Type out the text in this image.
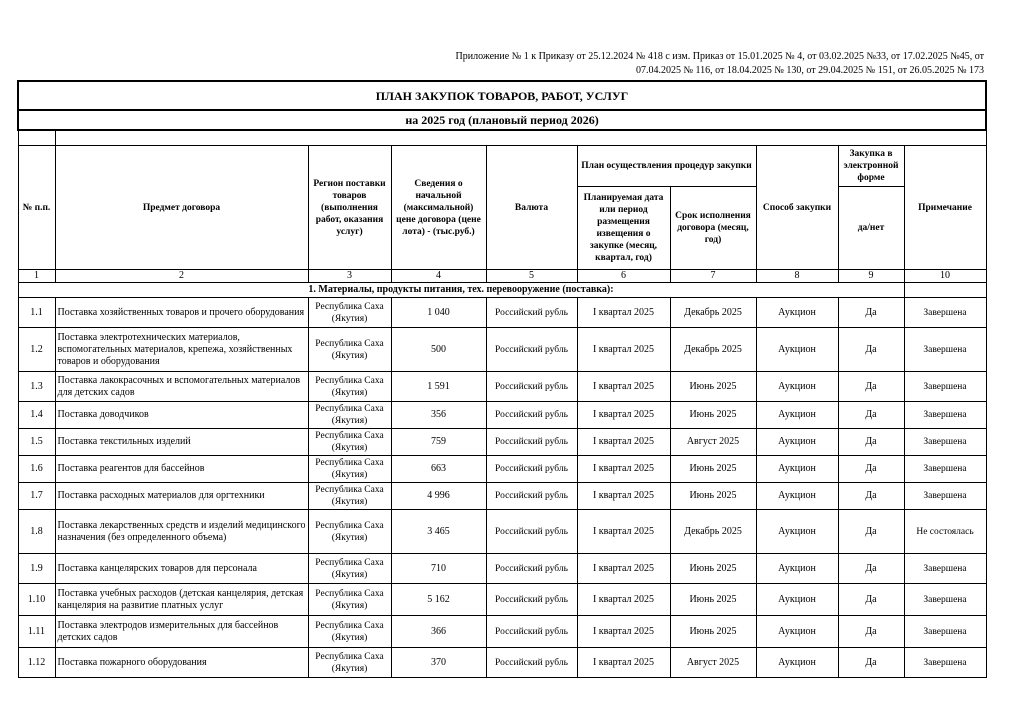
Приложение № 1 к Приказу от 25.12.2024 № 418 с изм. Приказ от 15.01.2025 № 4, от 03.02.2025 №33, от 17.02.2025 №45, от
07.04.2025 № 116, от 18.04.2025 № 130, от 29.04.2025 № 151, от 26.05.2025 № 173
ПЛАН ЗАКУПОК ТОВАРОВ, РАБОТ, УСЛУГ									
на 2025 год (плановый период 2026)									

№ п.п.	Предмет договора	Регион поставки товаров (выполнения работ, оказания услуг)	Сведения о начальной (максимальной) цене договора (цене лота) - (тыс.руб.)	Валюта	План осуществления процедур закупки		Способ закупки	Закупка в электронной форме	Примечание
					Планируемая дата или период размещения извещения о закупке (месяц, квартал, год)	Срок исполнения договора (месяц, год)		да/нет	
1	2	3	4	5	6	7	8	9	10
1. Материалы, продукты питания, тех. перевооружение (поставка):									
1.1	Поставка хозяйственных товаров и прочего оборудования	Республика Саха (Якутия)	1 040	Российский рубль	I квартал 2025	Декабрь 2025	Аукцион	Да	Завершена
1.2	Поставка электротехнических материалов, вспомогательных материалов, крепежа, хозяйственных товаров и оборудования	Республика Саха (Якутия)	500	Российский рубль	I квартал 2025	Декабрь 2025	Аукцион	Да	Завершена
1.3	Поставка лакокрасочных и вспомогательных материалов для детских садов	Республика Саха (Якутия)	1 591	Российский рубль	I квартал 2025	Июнь 2025	Аукцион	Да	Завершена
1.4	Поставка доводчиков	Республика Саха (Якутия)	356	Российский рубль	I квартал 2025	Июнь 2025	Аукцион	Да	Завершена
1.5	Поставка текстильных изделий	Республика Саха (Якутия)	759	Российский рубль	I квартал 2025	Август 2025	Аукцион	Да	Завершена
1.6	Поставка реагентов для бассейнов	Республика Саха (Якутия)	663	Российский рубль	I квартал 2025	Июнь 2025	Аукцион	Да	Завершена
1.7	Поставка расходных материалов для оргтехники	Республика Саха (Якутия)	4 996	Российский рубль	I квартал 2025	Июнь 2025	Аукцион	Да	Завершена
1.8	Поставка лекарственных средств и изделий медицинского назначения (без определенного объема)	Республика Саха (Якутия)	3 465	Российский рубль	I квартал 2025	Декабрь 2025	Аукцион	Да	Не состоялась
1.9	Поставка канцелярских товаров для персонала	Республика Саха (Якутия)	710	Российский рубль	I квартал 2025	Июнь 2025	Аукцион	Да	Завершена
1.10	Поставка учебных расходов (детская канцелярия, детская канцелярия на развитие платных услуг	Республика Саха (Якутия)	5 162	Российский рубль	I квартал 2025	Июнь 2025	Аукцион	Да	Завершена
1.11	Поставка электродов измерительных для бассейнов детских садов	Республика Саха (Якутия)	366	Российский рубль	I квартал 2025	Июнь 2025	Аукцион	Да	Завершена
1.12	Поставка пожарного оборудования	Республика Саха (Якутия)	370	Российский рубль	I квартал 2025	Август 2025	Аукцион	Да	Завершена
